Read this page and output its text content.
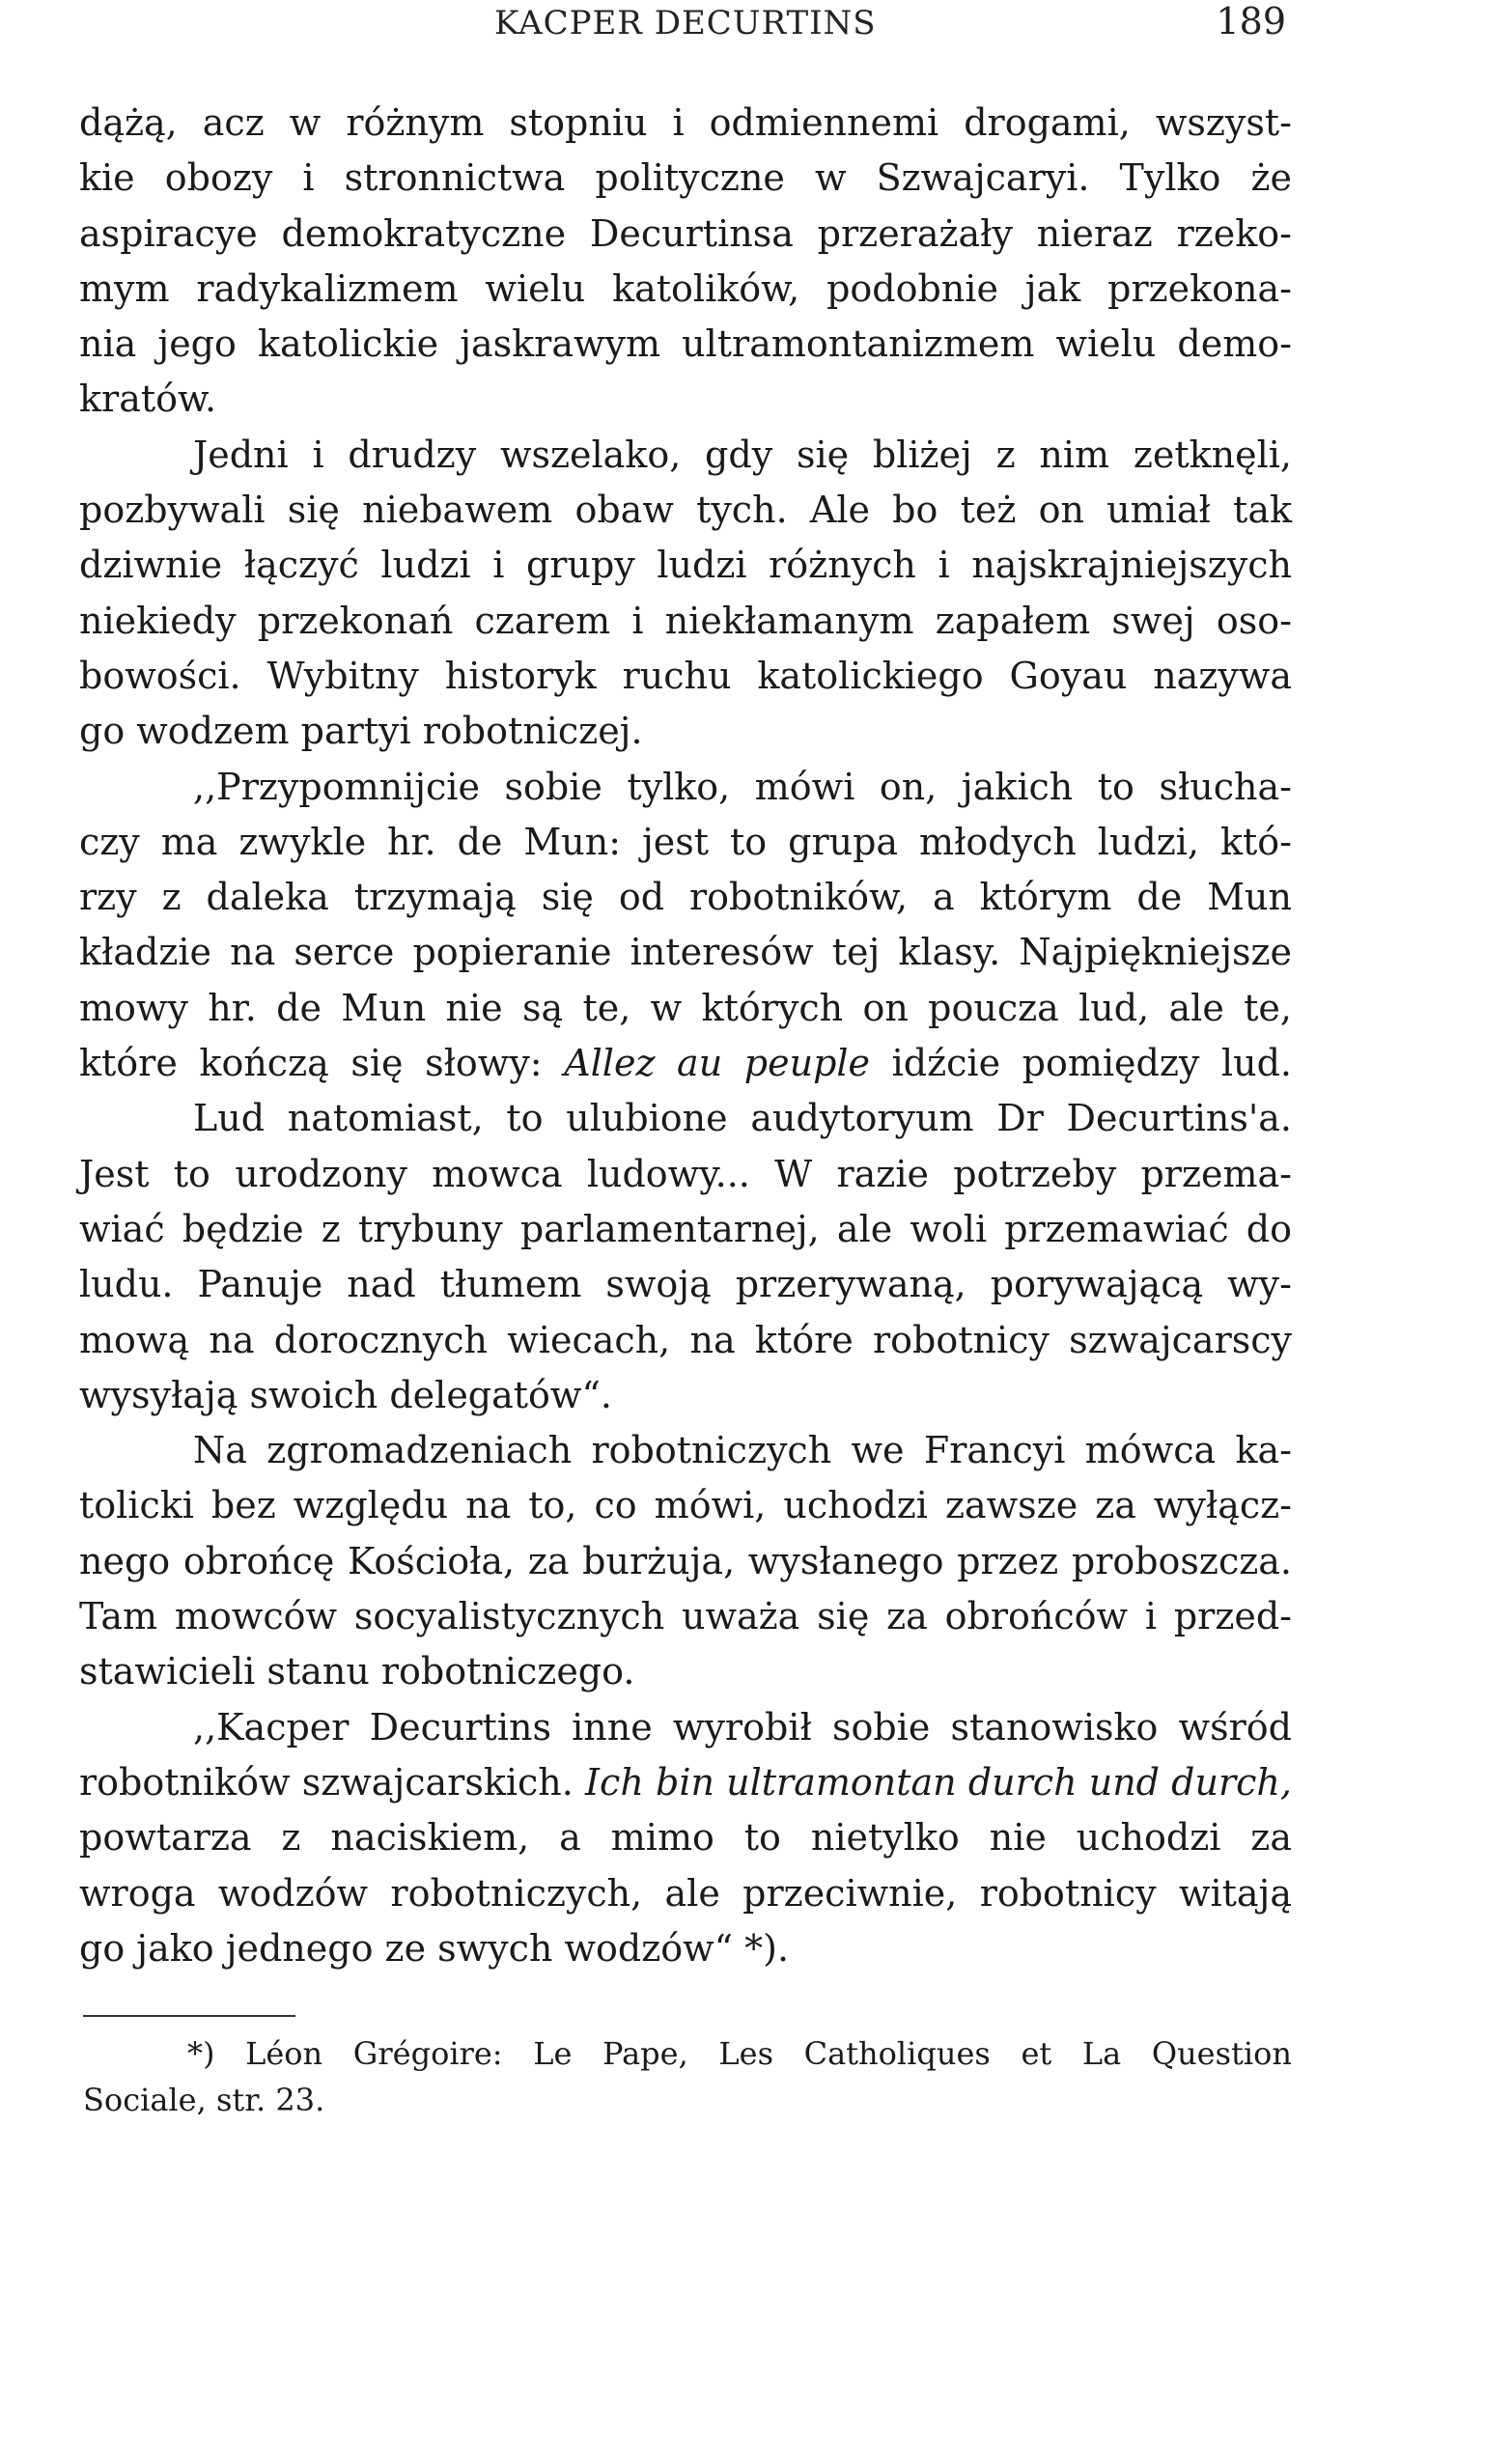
KACPER DECURTINS	189
dążą, acz w różnym stopniu i odmiennemi drogami, wszyst-
kie obozy i stronnictwa polityczne w Szwajcaryi. Tylko że
aspiracye demokratyczne Decurtinsa przerażały nieraz rzeko-
mym radykalizmem wielu katolików, podobnie jak przekona-
nia jego katolickie jaskrawym ultramontanizmem wielu demo-
kratów.
Jedni i drudzy wszelako, gdy się bliżej z nim zetknęli,
pozbywali się niebawem obaw tych. Ale bo też on umiał tak
dziwnie łączyć ludzi i grupy ludzi różnych i najskrajniejszych
niekiedy przekonań czarem i niekłamanym zapałem swej oso-
bowości. Wybitny historyk ruchu katolickiego Goyau nazywa
go wodzem partyi robotniczej.
,,Przypomnijcie sobie tylko, mówi on, jakich to słucha-
czy ma zwykle hr. de Mun: jest to grupa młodych ludzi, któ-
rzy z daleka trzymają się od robotników, a którym de Mun
kładzie na serce popieranie interesów tej klasy. Najpiękniejsze
mowy hr. de Mun nie są te, w których on poucza lud, ale te,
które kończą się słowy: Allez au peuple idźcie pomiędzy lud.
Lud natomiast, to ulubione audytoryum Dr Decurtins'a.
Jest to urodzony mowca ludowy... W razie potrzeby przema-
wiać będzie z trybuny parlamentarnej, ale woli przemawiać do
ludu. Panuje nad tłumem swoją przerywaną, porywającą wy-
mową na dorocznych wiecach, na które robotnicy szwajcarscy
wysyłają swoich delegatów“.
Na zgromadzeniach robotniczych we Francyi mówca ka-
tolicki bez względu na to, co mówi, uchodzi zawsze za wyłącz-
nego obrońcę Kościoła, za burżuja, wysłanego przez proboszcza.
Tam mowców socyalistycznych uważa się za obrońców i przed-
stawicieli stanu robotniczego.
,,Kacper Decurtins inne wyrobił sobie stanowisko wśród
robotników szwajcarskich. Ich bin ultramontan durch und durch,
powtarza z naciskiem, a mimo to nietylko nie uchodzi za
wroga wodzów robotniczych, ale przeciwnie, robotnicy witają
go jako jednego ze swych wodzów“ *).
*) Léon Grégoire: Le Pape, Les Catholiques et La Question
Sociale, str. 23.
